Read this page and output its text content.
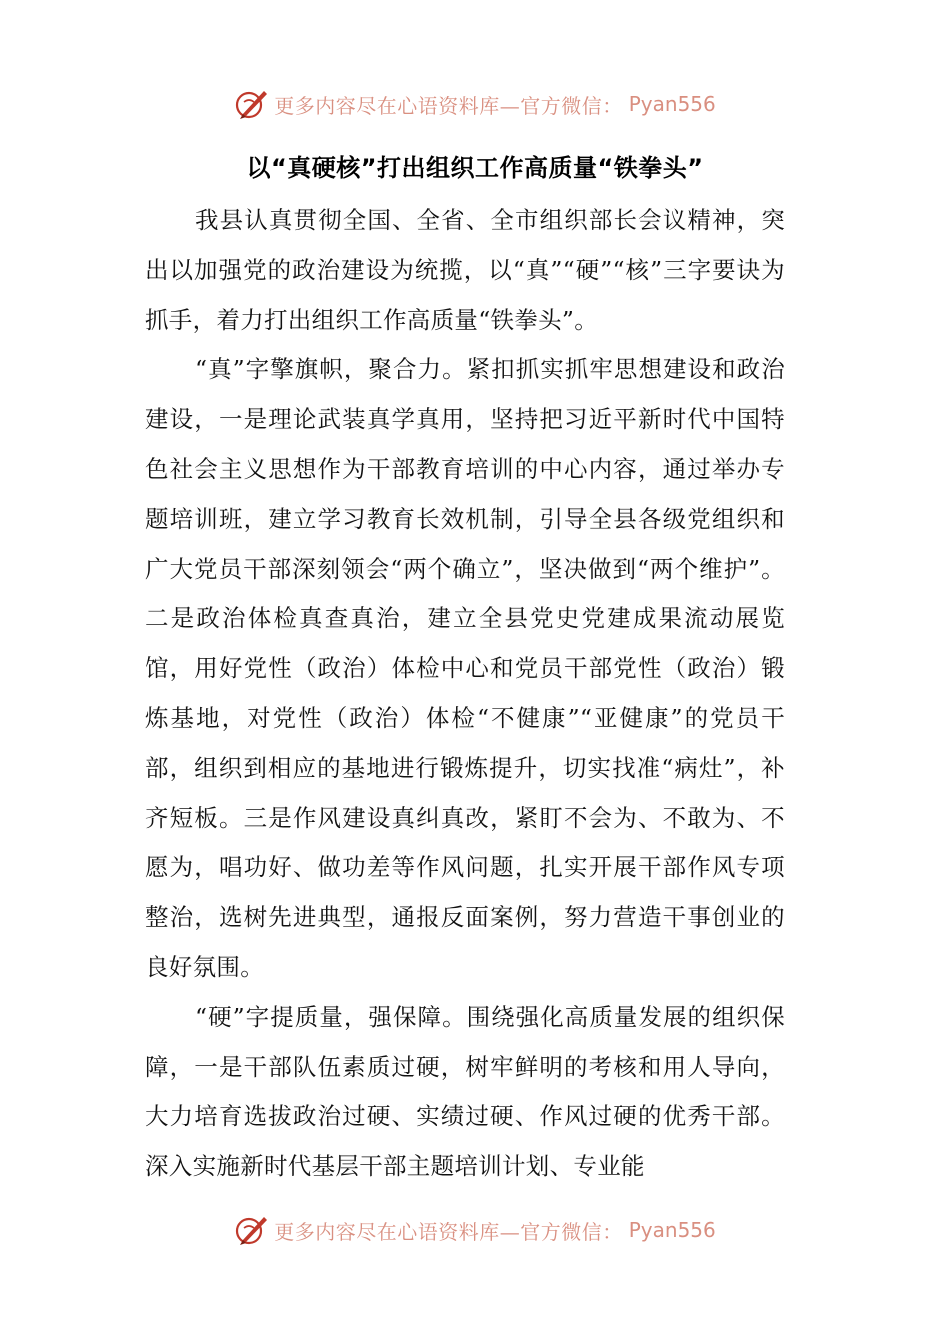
更多内容尽在心语资料库—官方微信： Pyan556
以“真硬核”打出组织工作高质量“铁拳头”

我县认真贯彻全国、全省、全市组织部长会议精神，突出以加强党的政治建设为统揽，以“真”“硬”“核”三字要诀为抓手，着力打出组织工作高质量“铁拳头”。

“真”字擎旗帜，聚合力。紧扣抓实抓牢思想建设和政治建设，一是理论武装真学真用，坚持把习近平新时代中国特色社会主义思想作为干部教育培训的中心内容，通过举办专题培训班，建立学习教育长效机制，引导全县各级党组织和广大党员干部深刻领会“两个确立”，坚决做到“两个维护”。二是政治体检真查真治，建立全县党史党建成果流动展览馆，用好党性（政治）体检中心和党员干部党性（政治）锻炼基地，对党性（政治）体检“不健康”“亚健康”的党员干部，组织到相应的基地进行锻炼提升，切实找准“病灶”，补齐短板。三是作风建设真纠真改，紧盯不会为、不敢为、不愿为，唱功好、做功差等作风问题，扎实开展干部作风专项整治，选树先进典型，通报反面案例，努力营造干事创业的良好氛围。

“硬”字提质量，强保障。围绕强化高质量发展的组织保障，一是干部队伍素质过硬，树牢鲜明的考核和用人导向，大力培育选拔政治过硬、实绩过硬、作风过硬的优秀干部。深入实施新时代基层干部主题培训计划、专业能

更多内容尽在心语资料库—官方微信： Pyan556
